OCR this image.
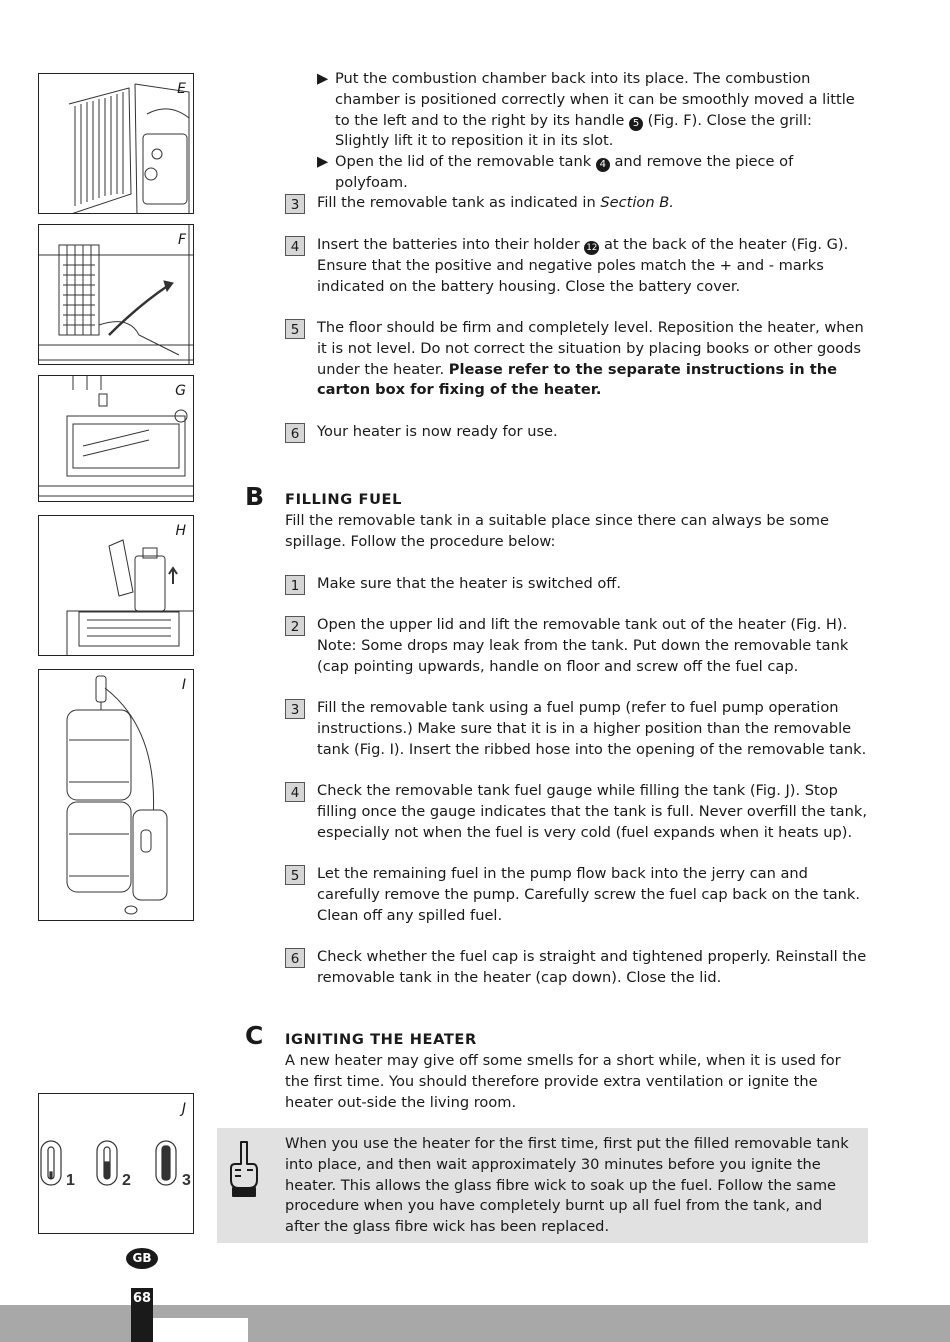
E
F
G
H
I
1	2	3
J
▶ Put the combustion chamber back into its place. The combustion chamber is positioned correctly when it can be smoothly moved a little to the left and to the right by its handle 5 (Fig. F). Close the grill: Slightly lift it to reposition it in its slot.
▶ Open the lid of the removable tank 4 and remove the piece of polyfoam.
3	Fill the removable tank as indicated in Section B.
4	Insert the batteries into their holder 12 at the back of the heater (Fig. G). Ensure that the positive and negative poles match the + and - marks indicated on the battery housing. Close the battery cover.
5	The floor should be firm and completely level. Reposition the heater, when it is not level. Do not correct the situation by placing books or other goods under the heater. Please refer to the separate instructions in the carton box for fixing of the heater.
6	Your heater is now ready for use.
B FILLING FUEL
Fill the removable tank in a suitable place since there can always be some spillage. Follow the procedure below:
1	Make sure that the heater is switched off.
2	Open the upper lid and lift the removable tank out of the heater (Fig. H). Note: Some drops may leak from the tank. Put down the removable tank (cap pointing upwards, handle on floor and screw off the fuel cap.
3	Fill the removable tank using a fuel pump (refer to fuel pump operation instructions.) Make sure that it is in a higher position than the removable tank (Fig. I). Insert the ribbed hose into the opening of the removable tank.
4	Check the removable tank fuel gauge while filling the tank (Fig. J). Stop filling once the gauge indicates that the tank is full. Never overfill the tank, especially not when the fuel is very cold (fuel expands when it heats up).
5	Let the remaining fuel in the pump flow back into the jerry can and carefully remove the pump. Carefully screw the fuel cap back on the tank. Clean off any spilled fuel.
6	Check whether the fuel cap is straight and tightened properly. Reinstall the removable tank in the heater (cap down). Close the lid.
C IGNITING THE HEATER
A new heater may give off some smells for a short while, when it is used for the first time. You should therefore provide extra ventilation or ignite the heater out-side the living room.
When you use the heater for the first time, first put the filled removable tank into place, and then wait approximately 30 minutes before you ignite the heater. This allows the glass fibre wick to soak up the fuel. Follow the same procedure when you have completely burnt up all fuel from the tank, and after the glass fibre wick has been replaced.
GB
68
